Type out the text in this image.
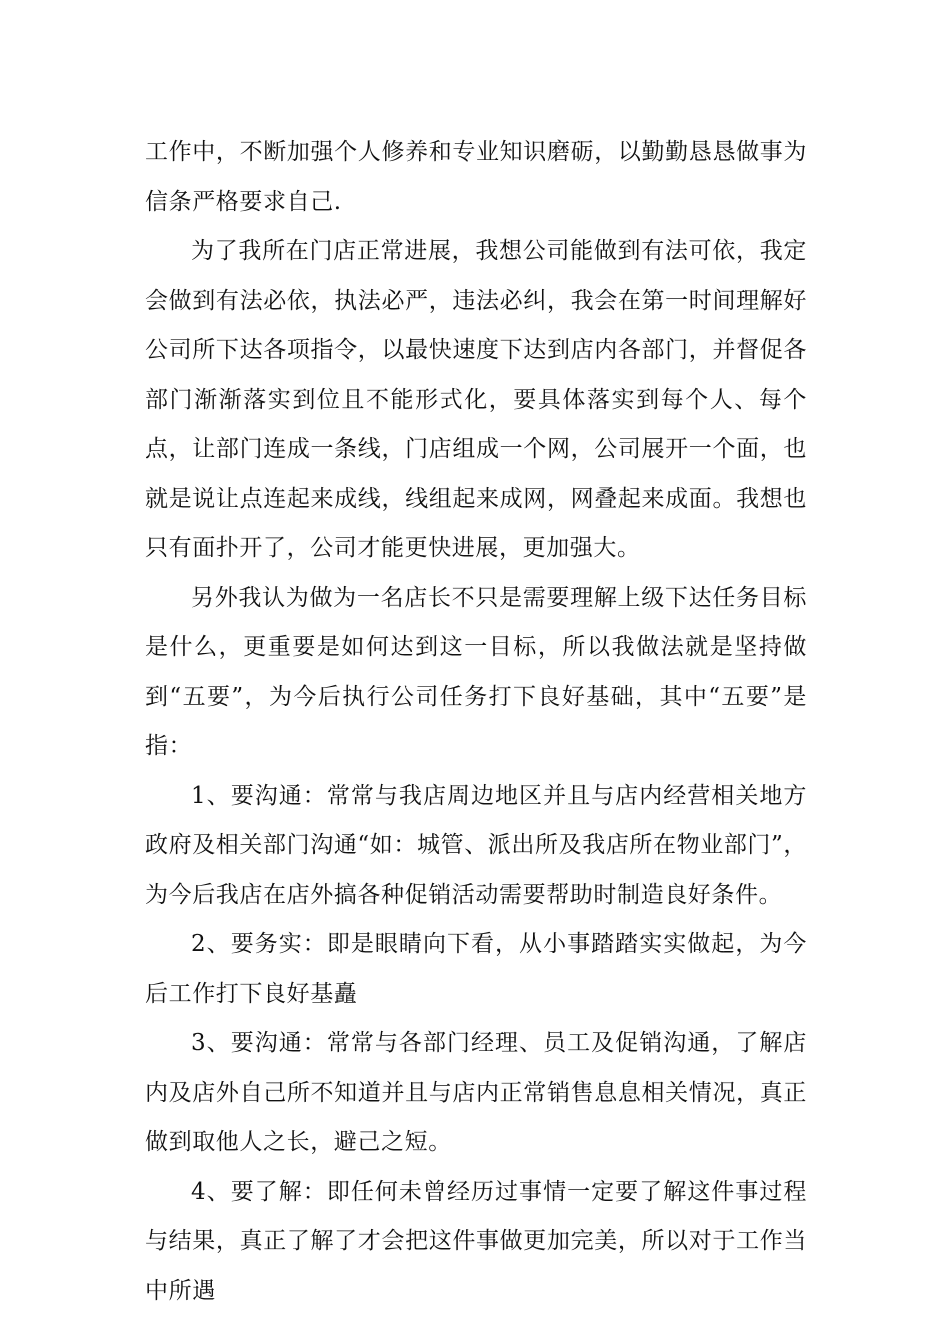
工作中，不断加强个人修养和专业知识磨砺，以勤勤恳恳做事为信条严格要求自己.

为了我所在门店正常进展，我想公司能做到有法可依，我定会做到有法必依，执法必严，违法必纠，我会在第一时间理解好公司所下达各项指令，以最快速度下达到店内各部门，并督促各部门渐渐落实到位且不能形式化，要具体落实到每个人、每个点，让部门连成一条线，门店组成一个网，公司展开一个面，也就是说让点连起来成线，线组起来成网，网叠起来成面。我想也只有面扑开了，公司才能更快进展，更加强大。

另外我认为做为一名店长不只是需要理解上级下达任务目标是什么，更重要是如何达到这一目标，所以我做法就是坚持做到“五要”，为今后执行公司任务打下良好基础，其中“五要”是指：

1、要沟通：常常与我店周边地区并且与店内经营相关地方政府及相关部门沟通“如：城管、派出所及我店所在物业部门”，为今后我店在店外搞各种促销活动需要帮助时制造良好条件。

2、要务实：即是眼睛向下看，从小事踏踏实实做起，为今后工作打下良好基矗

3、要沟通：常常与各部门经理、员工及促销沟通，了解店内及店外自己所不知道并且与店内正常销售息息相关情况，真正做到取他人之长，避己之短。

4、要了解：即任何未曾经历过事情一定要了解这件事过程与结果，真正了解了才会把这件事做更加完美，所以对于工作当中所遇
